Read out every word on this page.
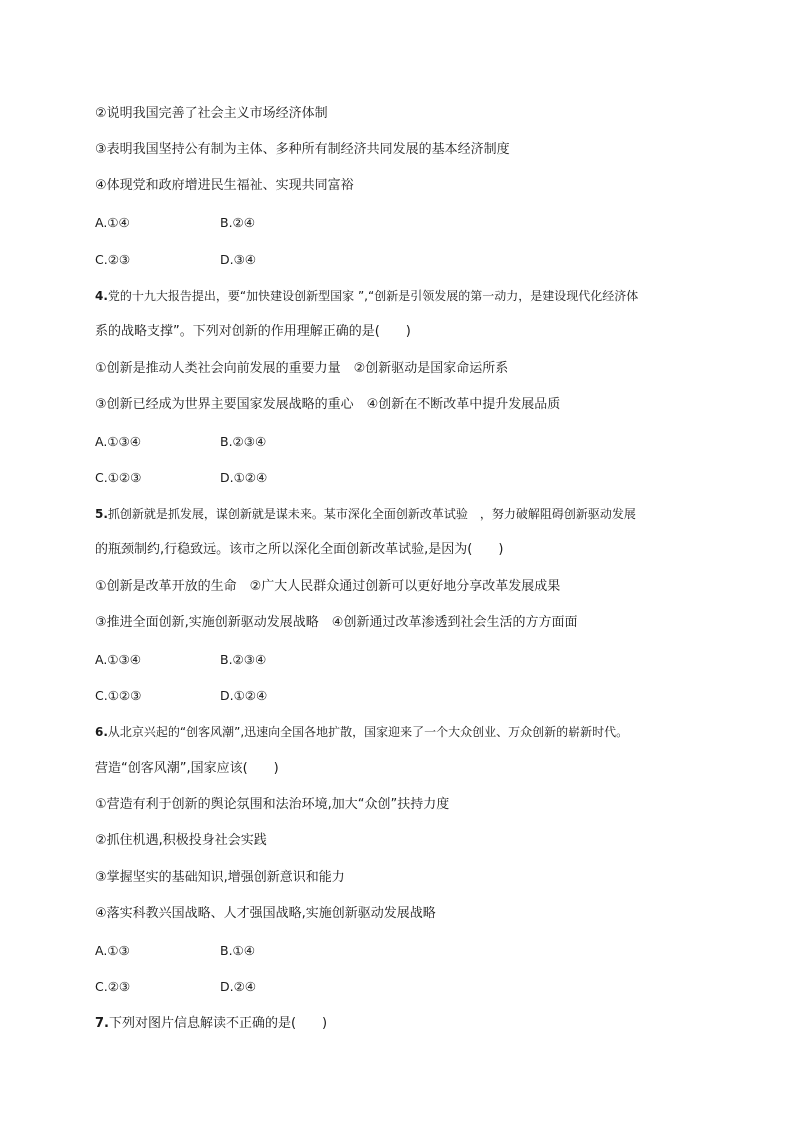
②说明我国完善了社会主义市场经济体制
③表明我国坚持公有制为主体、多种所有制经济共同发展的基本经济制度
④体现党和政府增进民生福祉、实现共同富裕
A.①④	B.②④
C.②③	D.③④
4.党的十九大报告提出，要“加快建设创新型国家 ”,“创新是引领发展的第一动力，是建设现代化经济体
系的战略支撑”。下列对创新的作用理解正确的是(　　)
①创新是推动人类社会向前发展的重要力量　②创新驱动是国家命运所系
③创新已经成为世界主要国家发展战略的重心　④创新在不断改革中提升发展品质
A.①③④	B.②③④
C.①②③	D.①②④
5.抓创新就是抓发展，谋创新就是谋未来。某市深化全面创新改革试验　，努力破解阻碍创新驱动发展
的瓶颈制约,行稳致远。该市之所以深化全面创新改革试验,是因为(　　)
①创新是改革开放的生命　②广大人民群众通过创新可以更好地分享改革发展成果
③推进全面创新,实施创新驱动发展战略　④创新通过改革渗透到社会生活的方方面面
A.①③④	B.②③④
C.①②③	D.①②④
6.从北京兴起的“创客风潮”,迅速向全国各地扩散，国家迎来了一个大众创业、万众创新的崭新时代。
营造“创客风潮”,国家应该(　　)
①营造有利于创新的舆论氛围和法治环境,加大“众创”扶持力度
②抓住机遇,积极投身社会实践
③掌握坚实的基础知识,增强创新意识和能力
④落实科教兴国战略、人才强国战略,实施创新驱动发展战略
A.①③	B.①④
C.②③	D.②④
7.下列对图片信息解读不正确的是(　　)
